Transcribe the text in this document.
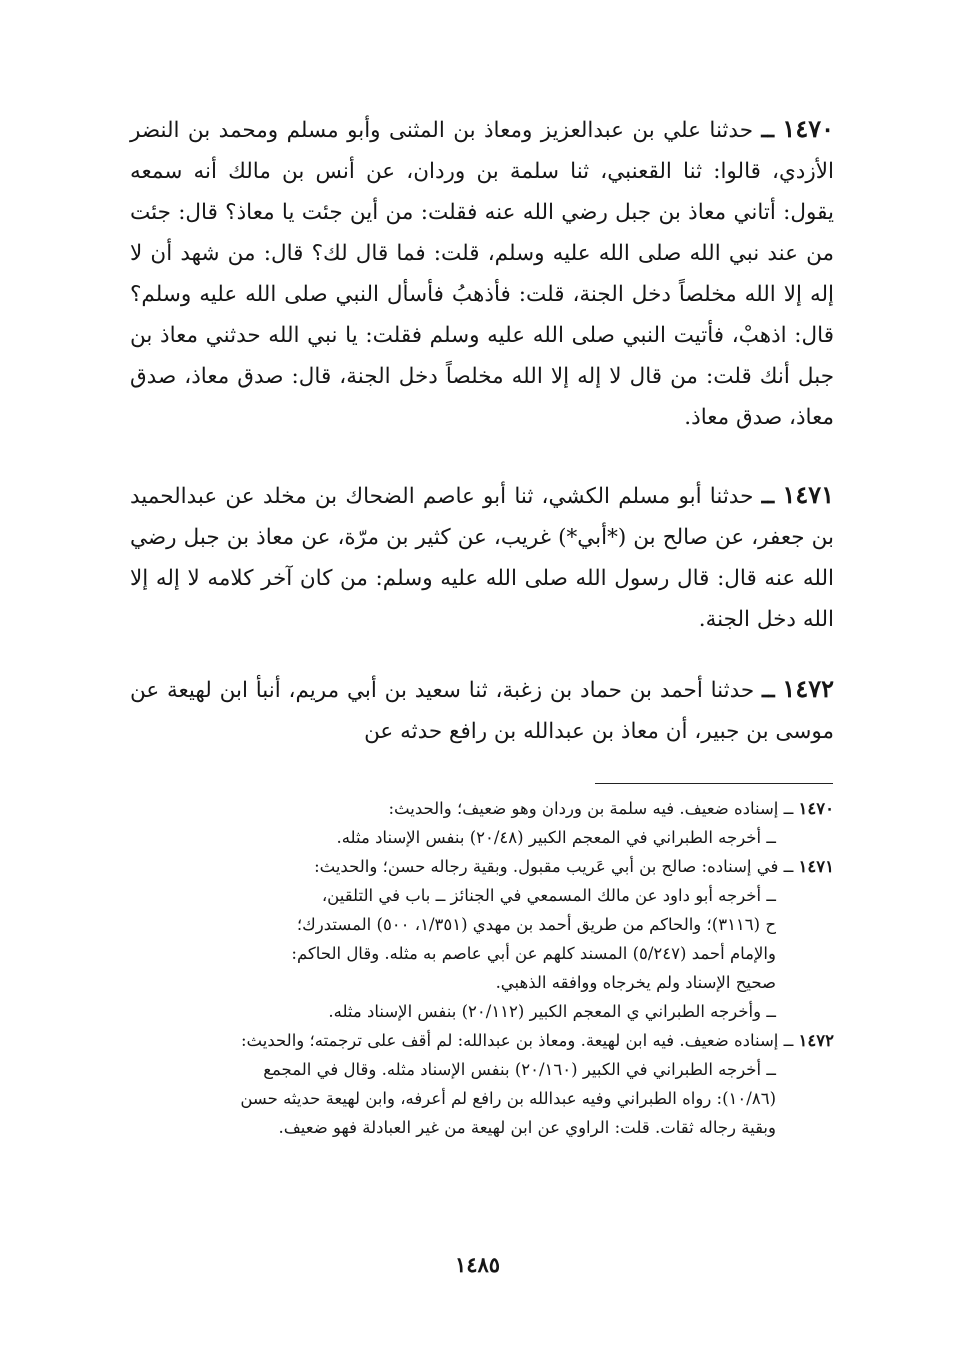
١٤٧٠ ــ حدثنا علي بن عبدالعزيز ومعاذ بن المثنى وأبو مسلم ومحمد بن النضر الأزدي، قالوا: ثنا القعنبي، ثنا سلمة بن وردان، عن أنس بن مالك أنه سمعه يقول: أتاني معاذ بن جبل رضي الله عنه فقلت: من أين جئت يا معاذ؟ قال: جئت من عند نبي الله صلى الله عليه وسلم، قلت: فما قال لك؟ قال: من شهد أن لا إله إلا الله مخلصاً دخل الجنة، قلت: فأذهبُ فأسأل النبي صلى الله عليه وسلم؟ قال: اذهبْ، فأتيت النبي صلى الله عليه وسلم فقلت: يا نبي الله حدثني معاذ بن جبل أنك قلت: من قال لا إله إلا الله مخلصاً دخل الجنة، قال: صدق معاذ، صدق معاذ، صدق معاذ.

١٤٧١ ــ حدثنا أبو مسلم الكشي، ثنا أبو عاصم الضحاك بن مخلد عن عبدالحميد بن جعفر، عن صالح بن (*أبي*) غريب، عن كثير بن مرّة، عن معاذ بن جبل رضي الله عنه قال: قال رسول الله صلى الله عليه وسلم: من كان آخر كلامه لا إله إلا الله دخل الجنة.

١٤٧٢ ــ حدثنا أحمد بن حماد بن زغبة، ثنا سعيد بن أبي مريم، أنبأ ابن لهيعة عن موسى بن جبير، أن معاذ بن عبدالله بن رافع حدثه عن

١٤٧٠ ــ إسناده ضعيف. فيه سلمة بن وردان وهو ضعيف؛ والحديث:
ــ أخرجه الطبراني في المعجم الكبير (٢٠/٤٨) بنفس الإسناد مثله.
١٤٧١ ــ في إسناده: صالح بن أبي عَريب مقبول. وبقية رجاله حسن؛ والحديث:
ــ أخرجه أبو داود عن مالك المسمعي في الجنائز ــ باب في التلقين،
ح (٣١١٦)؛ والحاكم من طريق أحمد بن مهدي (١/٣٥١، ٥٠٠) المستدرك؛
والإمام أحمد (٥/٢٤٧) المسند كلهم عن أبي عاصم به مثله. وقال الحاكم:
صحيح الإسناد ولم يخرجاه ووافقه الذهبي.
ــ وأخرجه الطبراني ي المعجم الكبير (٢٠/١١٢) بنفس الإسناد مثله.
١٤٧٢ ــ إسناده ضعيف. فيه ابن لهيعة. ومعاذ بن عبدالله: لم أقف على ترجمته؛ والحديث:
ــ أخرجه الطبراني في الكبير (٢٠/١٦٠) بنفس الإسناد مثله. وقال في المجمع
(١٠/٨٦): رواه الطبراني وفيه عبدالله بن رافع لم أعرفه، وابن لهيعة حديثه حسن
وبقية رجاله ثقات. قلت: الراوي عن ابن لهيعة من غير العبادلة فهو ضعيف.
١٤٨٥
